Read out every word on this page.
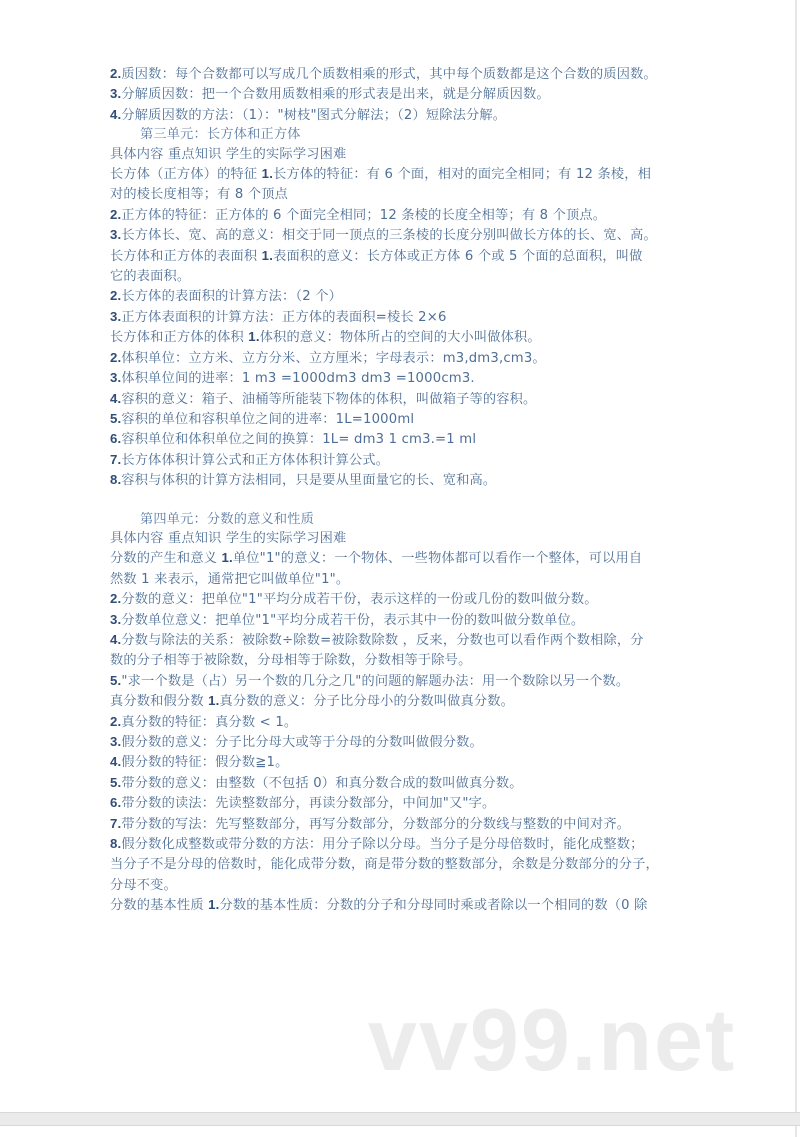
2.质因数：每个合数都可以写成几个质数相乘的形式，其中每个质数都是这个合数的质因数。
3.分解质因数：把一个合数用质数相乘的形式表是出来，就是分解质因数。
4.分解质因数的方法：（1）："树枝"图式分解法；（2）短除法分解。
第三单元：长方体和正方体
具体内容 重点知识 学生的实际学习困难
长方体（正方体）的特征 1.长方体的特征：有 6 个面，相对的面完全相同；有 12 条棱，相
对的棱长度相等；有 8 个顶点
2.正方体的特征：正方体的 6 个面完全相同；12 条棱的长度全相等；有 8 个顶点。
3.长方体长、宽、高的意义：相交于同一顶点的三条棱的长度分别叫做长方体的长、宽、高。
长方体和正方体的表面积 1.表面积的意义：长方体或正方体 6 个或 5 个面的总面积，叫做
它的表面积。
2.长方体的表面积的计算方法：（2 个）
3.正方体表面积的计算方法：正方体的表面积=棱长 2×6
长方体和正方体的体积 1.体积的意义：物体所占的空间的大小叫做体积。
2.体积单位：立方米、立方分米、立方厘米；字母表示：m3,dm3,cm3。
3.体积单位间的进率：1 m3 =1000dm3 dm3 =1000cm3.
4.容积的意义：箱子、油桶等所能装下物体的体积，叫做箱子等的容积。
5.容积的单位和容积单位之间的进率：1L=1000ml
6.容积单位和体积单位之间的换算：1L= dm3 1 cm3.=1 ml
7.长方体体积计算公式和正方体体积计算公式。
8.容积与体积的计算方法相同，只是要从里面量它的长、宽和高。
第四单元：分数的意义和性质
具体内容 重点知识 学生的实际学习困难
分数的产生和意义 1.单位"1"的意义：一个物体、一些物体都可以看作一个整体，可以用自
然数 1 来表示，通常把它叫做单位"1"。
2.分数的意义：把单位"1"平均分成若干份，表示这样的一份或几份的数叫做分数。
3.分数单位意义：把单位"1"平均分成若干份，表示其中一份的数叫做分数单位。
4.分数与除法的关系：被除数÷除数=被除数除数 ，反来，分数也可以看作两个数相除，分
数的分子相等于被除数，分母相等于除数，分数相等于除号。
5."求一个数是（占）另一个数的几分之几"的问题的解题办法：用一个数除以另一个数。
真分数和假分数 1.真分数的意义：分子比分母小的分数叫做真分数。
2.真分数的特征：真分数 < 1。
3.假分数的意义：分子比分母大或等于分母的分数叫做假分数。
4.假分数的特征：假分数≧1。
5.带分数的意义：由整数（不包括 0）和真分数合成的数叫做真分数。
6.带分数的读法：先读整数部分，再读分数部分，中间加"又"字。
7.带分数的写法：先写整数部分，再写分数部分，分数部分的分数线与整数的中间对齐。
8.假分数化成整数或带分数的方法：用分子除以分母。当分子是分母倍数时，能化成整数；
当分子不是分母的倍数时，能化成带分数，商是带分数的整数部分，余数是分数部分的分子，
分母不变。
分数的基本性质 1.分数的基本性质：分数的分子和分母同时乘或者除以一个相同的数（0 除
vv99.net
